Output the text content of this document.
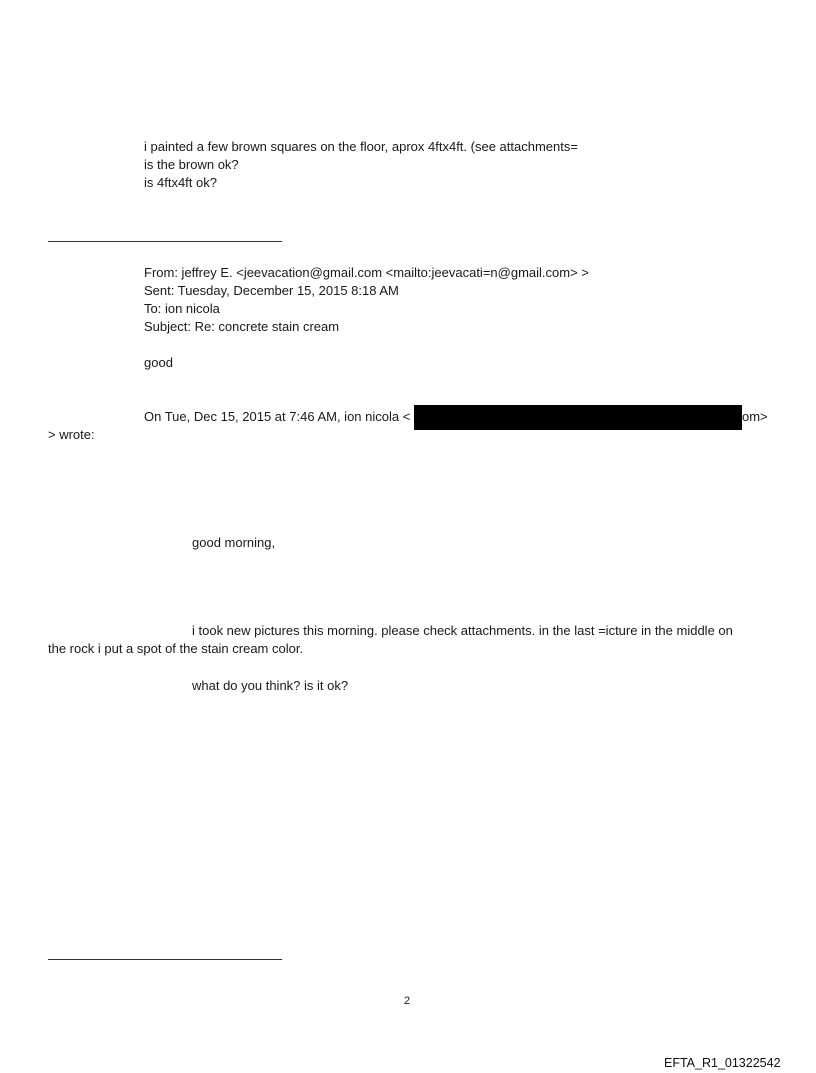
i painted a few brown squares on the floor, aprox 4ftx4ft. (see attachments=
is the brown ok?
is 4ftx4ft ok?
From: jeffrey E. <jeevacation@gmail.com <mailto:jeevacati=n@gmail.com> >
Sent: Tuesday, December 15, 2015 8:18 AM
To: ion nicola
Subject: Re: concrete stain cream
good
On Tue, Dec 15, 2015 at 7:46 AM, ion nicola <	om>
> wrote:
good morning,
i took new pictures this morning. please check attachments. in the last =icture in the middle on
the rock i put a spot of the stain cream color.
what do you think? is it ok?
2
EFTA_R1_01322542
